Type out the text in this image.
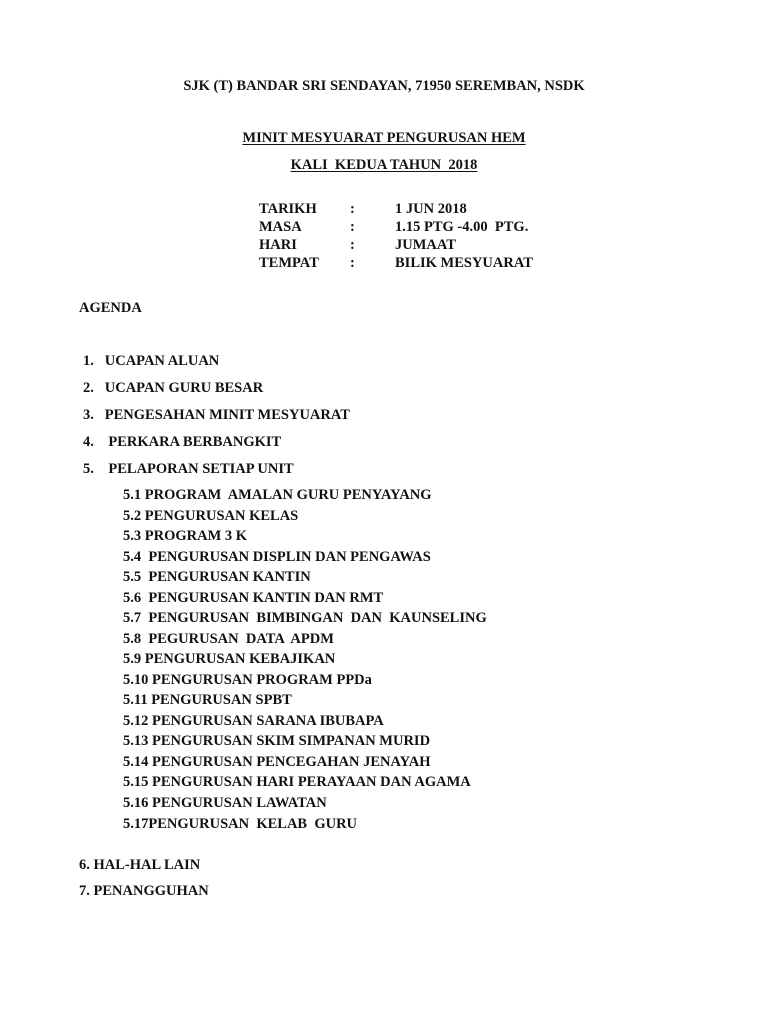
SJK (T) BANDAR SRI SENDAYAN, 71950 SEREMBAN, NSDK
MINIT MESYUARAT PENGURUSAN HEM
KALI  KEDUA TAHUN  2018
TARIKH :	1 JUN 2018
MASA	:	1.15 PTG -4.00  PTG.
HARI	:	JUMAAT
TEMPAT :	BILIK MESYUARAT
AGENDA
1.   UCAPAN ALUAN
2.   UCAPAN GURU BESAR
3.   PENGESAHAN MINIT MESYUARAT
4.    PERKARA BERBANGKIT
5.    PELAPORAN SETIAP UNIT
5.1 PROGRAM  AMALAN GURU PENYAYANG
5.2 PENGURUSAN KELAS
5.3 PROGRAM 3 K
5.4  PENGURUSAN DISPLIN DAN PENGAWAS
5.5  PENGURUSAN KANTIN
5.6  PENGURUSAN KANTIN DAN RMT
5.7  PENGURUSAN  BIMBINGAN  DAN  KAUNSELING
5.8  PEGURUSAN  DATA  APDM
5.9 PENGURUSAN KEBAJIKAN
5.10 PENGURUSAN PROGRAM PPDa
5.11 PENGURUSAN SPBT
5.12 PENGURUSAN SARANA IBUBAPA
5.13 PENGURUSAN SKIM SIMPANAN MURID
5.14 PENGURUSAN PENCEGAHAN JENAYAH
5.15 PENGURUSAN HARI PERAYAAN DAN AGAMA
5.16 PENGURUSAN LAWATAN
5.17PENGURUSAN  KELAB  GURU
6. HAL-HAL LAIN
7. PENANGGUHAN
